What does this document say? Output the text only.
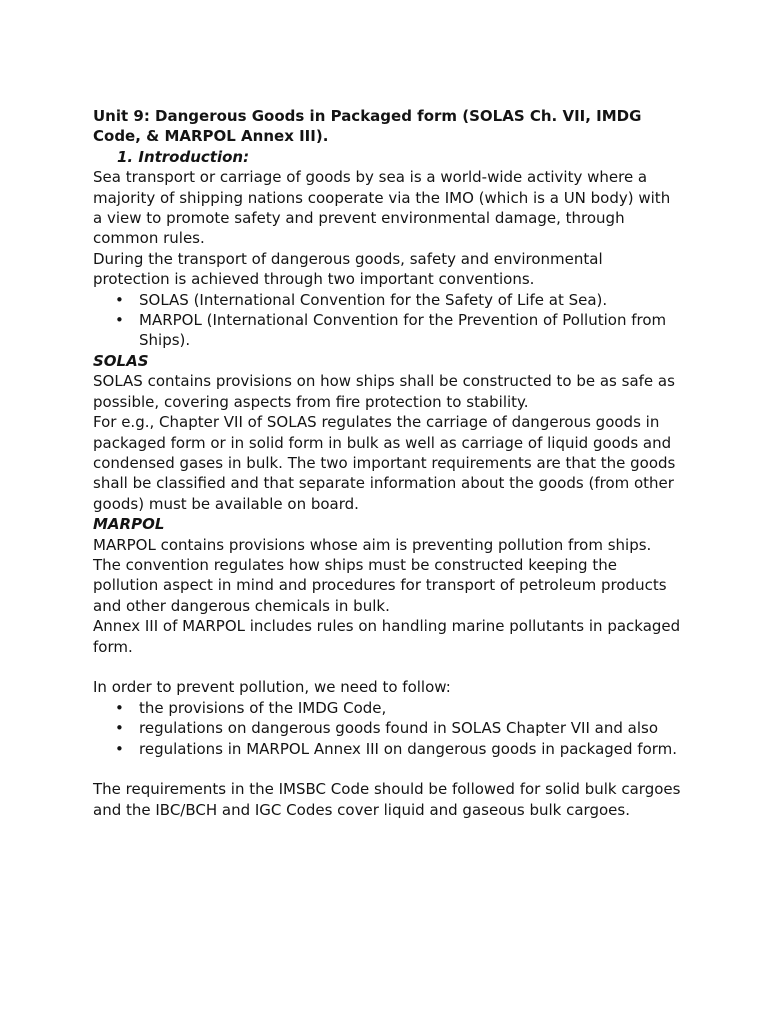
Unit 9: Dangerous Goods in Packaged form (SOLAS Ch. VII, IMDG Code, & MARPOL Annex III).

1. Introduction:

Sea transport or carriage of goods by sea is a world-wide activity where a majority of shipping nations cooperate via the IMO (which is a UN body) with a view to promote safety and prevent environmental damage, through common rules.

During the transport of dangerous goods, safety and environmental protection is achieved through two important conventions.

• SOLAS (International Convention for the Safety of Life at Sea).
• MARPOL (International Convention for the Prevention of Pollution from Ships).

SOLAS

SOLAS contains provisions on how ships shall be constructed to be as safe as possible, covering aspects from fire protection to stability.

For e.g., Chapter VII of SOLAS regulates the carriage of dangerous goods in packaged form or in solid form in bulk as well as carriage of liquid goods and condensed gases in bulk. The two important requirements are that the goods shall be classified and that separate information about the goods (from other goods) must be available on board.

MARPOL

MARPOL contains provisions whose aim is preventing pollution from ships. The convention regulates how ships must be constructed keeping the pollution aspect in mind and procedures for transport of petroleum products and other dangerous chemicals in bulk.

Annex III of MARPOL includes rules on handling marine pollutants in packaged form.

In order to prevent pollution, we need to follow:

• the provisions of the IMDG Code,
• regulations on dangerous goods found in SOLAS Chapter VII and also
• regulations in MARPOL Annex III on dangerous goods in packaged form.

The requirements in the IMSBC Code should be followed for solid bulk cargoes and the IBC/BCH and IGC Codes cover liquid and gaseous bulk cargoes.
